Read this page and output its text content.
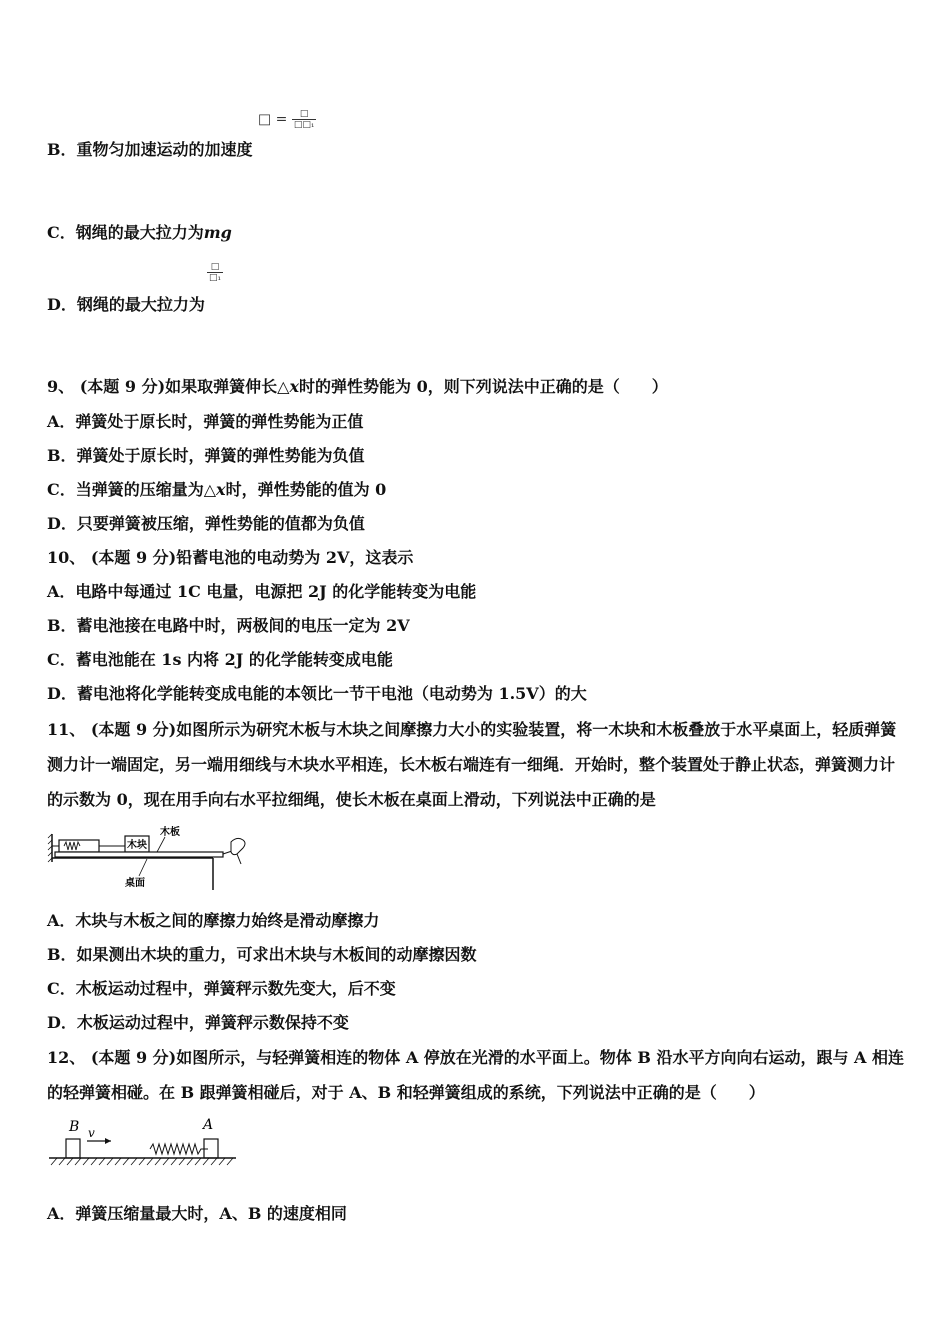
□ = $\frac{□}{\text{□□₁}}$
B．重物匀加速运动的加速度
C．钢绳的最大拉力为mg
$\frac{□}{\text{□₁}}$
D．钢绳的最大拉力为
9、 (本题 9 分)如果取弹簧伸长△x时的弹性势能为 0，则下列说法中正确的是（　　）
A．弹簧处于原长时，弹簧的弹性势能为正值
B．弹簧处于原长时，弹簧的弹性势能为负值
C．当弹簧的压缩量为△x时，弹性势能的值为 0
D．只要弹簧被压缩，弹性势能的值都为负值
10、 (本题 9 分)铅蓄电池的电动势为 2V，这表示
A．电路中每通过 1C 电量，电源把 2J 的化学能转变为电能
B．蓄电池接在电路中时，两极间的电压一定为 2V
C．蓄电池能在 1s 内将 2J 的化学能转变成电能
D．蓄电池将化学能转变成电能的本领比一节干电池（电动势为 1.5V）的大
11、 (本题 9 分)如图所示为研究木板与木块之间摩擦力大小的实验装置，将一木块和木板叠放于水平桌面上，轻质弹簧测力计一端固定，另一端用细线与木块水平相连，长木板右端连有一细绳．开始时，整个装置处于静止状态，弹簧测力计的示数为 0，现在用手向右水平拉细绳，使长木板在桌面上滑动，下列说法中正确的是
木块
木板
桌面
A．木块与木板之间的摩擦力始终是滑动摩擦力
B．如果测出木块的重力，可求出木块与木板间的动摩擦因数
C．木板运动过程中，弹簧秤示数先变大，后不变
D．木板运动过程中，弹簧秤示数保持不变
12、 (本题 9 分)如图所示，与轻弹簧相连的物体 A 停放在光滑的水平面上。物体 B 沿水平方向向右运动，跟与 A 相连的轻弹簧相碰。在 B 跟弹簧相碰后，对于 A、B 和轻弹簧组成的系统，下列说法中正确的是（　　）
B v	A
A．弹簧压缩量最大时，A、B 的速度相同
